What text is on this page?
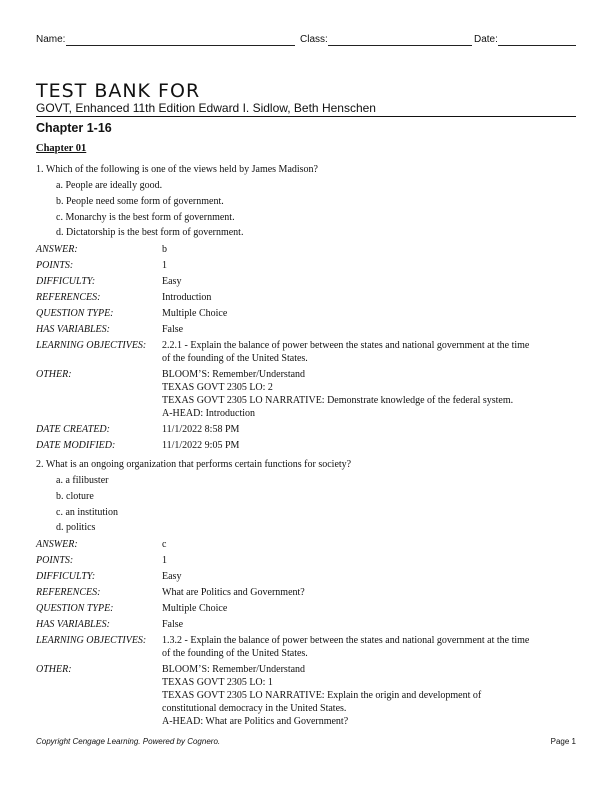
Name:	Class:	Date:
TEST BANK FOR
GOVT, Enhanced 11th Edition Edward I. Sidlow, Beth Henschen
Chapter 1-16
Chapter 01
1. Which of the following is one of the views held by James Madison?
a. People are ideally good.
b. People need some form of government.
c. Monarchy is the best form of government.
d. Dictatorship is the best form of government.
ANSWER:	b
POINTS:	1
DIFFICULTY:	Easy
REFERENCES:	Introduction
QUESTION TYPE:	Multiple Choice
HAS VARIABLES:	False
LEARNING OBJECTIVES:	2.2.1 - Explain the balance of power between the states and national government at the time
of the founding of the United States.
OTHER:	BLOOM’S: Remember/Understand
TEXAS GOVT 2305 LO: 2
TEXAS GOVT 2305 LO NARRATIVE: Demonstrate knowledge of the federal system.
A-HEAD: Introduction
DATE CREATED:	11/1/2022 8:58 PM
DATE MODIFIED:	11/1/2022 9:05 PM
2. What is an ongoing organization that performs certain functions for society?
a. a filibuster
b. cloture
c. an institution
d. politics
ANSWER:	c
POINTS:	1
DIFFICULTY:	Easy
REFERENCES:	What are Politics and Government?
QUESTION TYPE:	Multiple Choice
HAS VARIABLES:	False
LEARNING OBJECTIVES:	1.3.2 - Explain the balance of power between the states and national government at the time
of the founding of the United States.
OTHER:	BLOOM’S: Remember/Understand
TEXAS GOVT 2305 LO: 1
TEXAS GOVT 2305 LO NARRATIVE: Explain the origin and development of
constitutional democracy in the United States.
A-HEAD: What are Politics and Government?
Copyright Cengage Learning. Powered by Cognero.	Page 1
